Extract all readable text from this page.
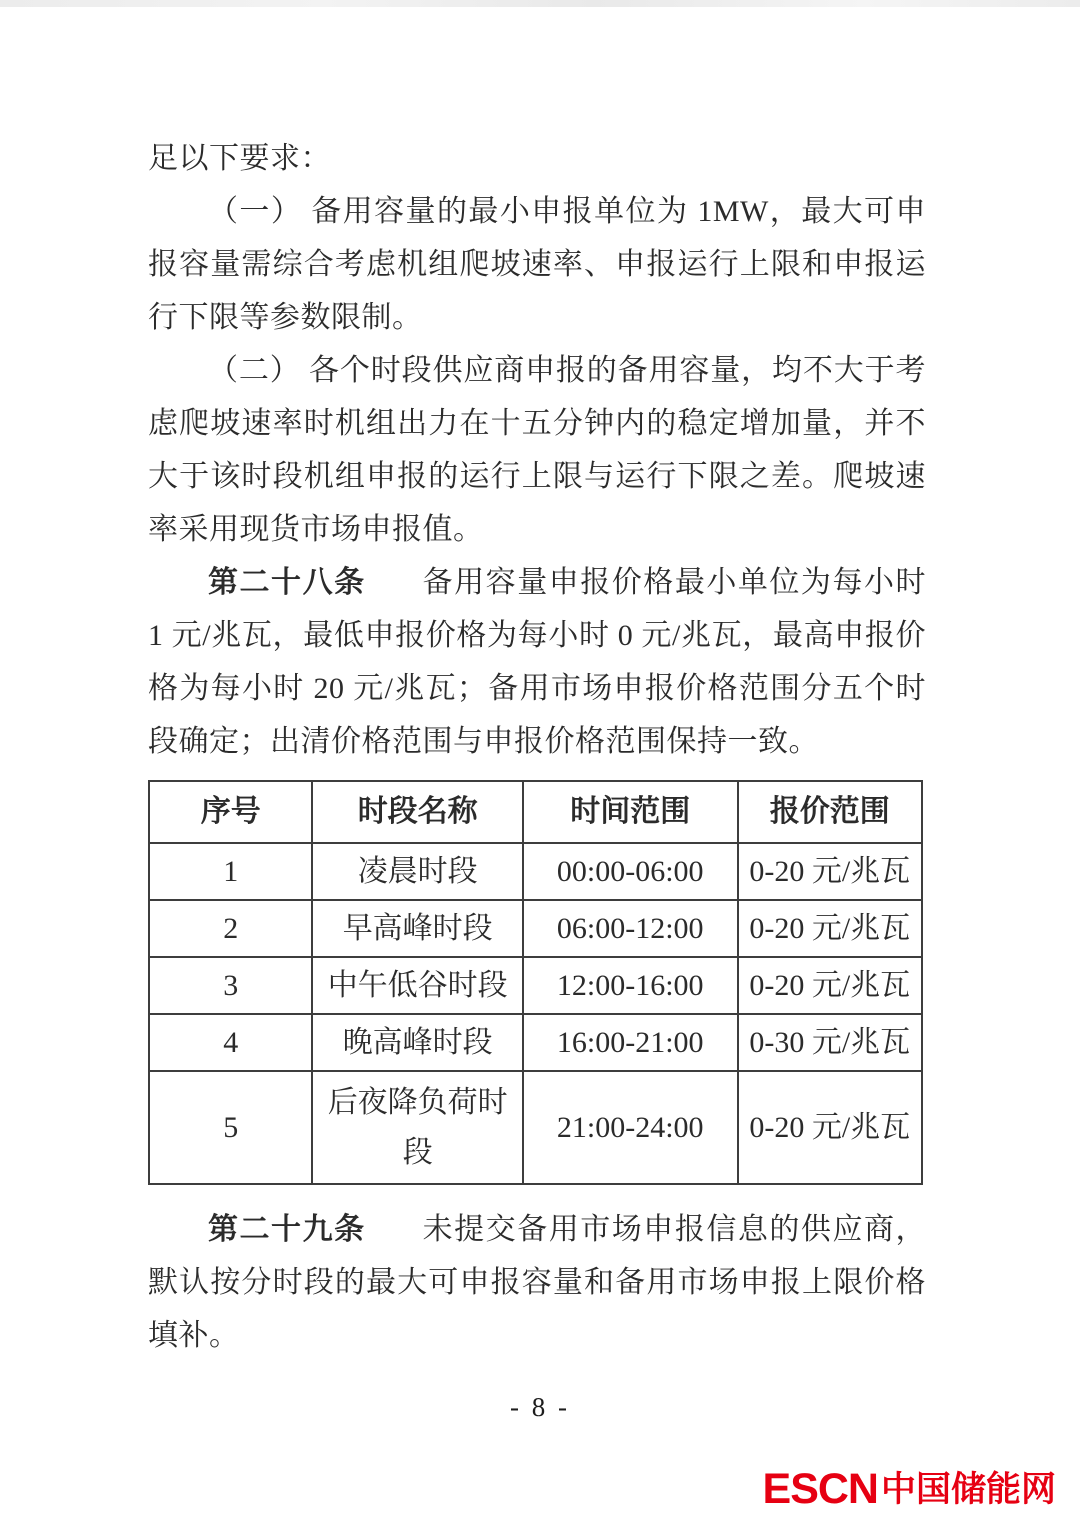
足以下要求：

（一） 备用容量的最小申报单位为 1MW，最大可申报容量需综合考虑机组爬坡速率、申报运行上限和申报运行下限等参数限制。

（二） 各个时段供应商申报的备用容量，均不大于考虑爬坡速率时机组出力在十五分钟内的稳定增加量，并不大于该时段机组申报的运行上限与运行下限之差。爬坡速率采用现货市场申报值。

第二十八条 备用容量申报价格最小单位为每小时 1 元/兆瓦，最低申报价格为每小时 0 元/兆瓦，最高申报价格为每小时 20 元/兆瓦；备用市场申报价格范围分五个时段确定；出清价格范围与申报价格范围保持一致。

序号	时段名称	时间范围	报价范围
1	凌晨时段	00:00-06:00	0-20 元/兆瓦
2	早高峰时段	06:00-12:00	0-20 元/兆瓦
3	中午低谷时段	12:00-16:00	0-20 元/兆瓦
4	晚高峰时段	16:00-21:00	0-30 元/兆瓦
5	后夜降负荷时段	21:00-24:00	0-20 元/兆瓦

第二十九条 未提交备用市场申报信息的供应商，默认按分时段的最大可申报容量和备用市场申报上限价格填补。

- 8 -
ESCN中国储能网
